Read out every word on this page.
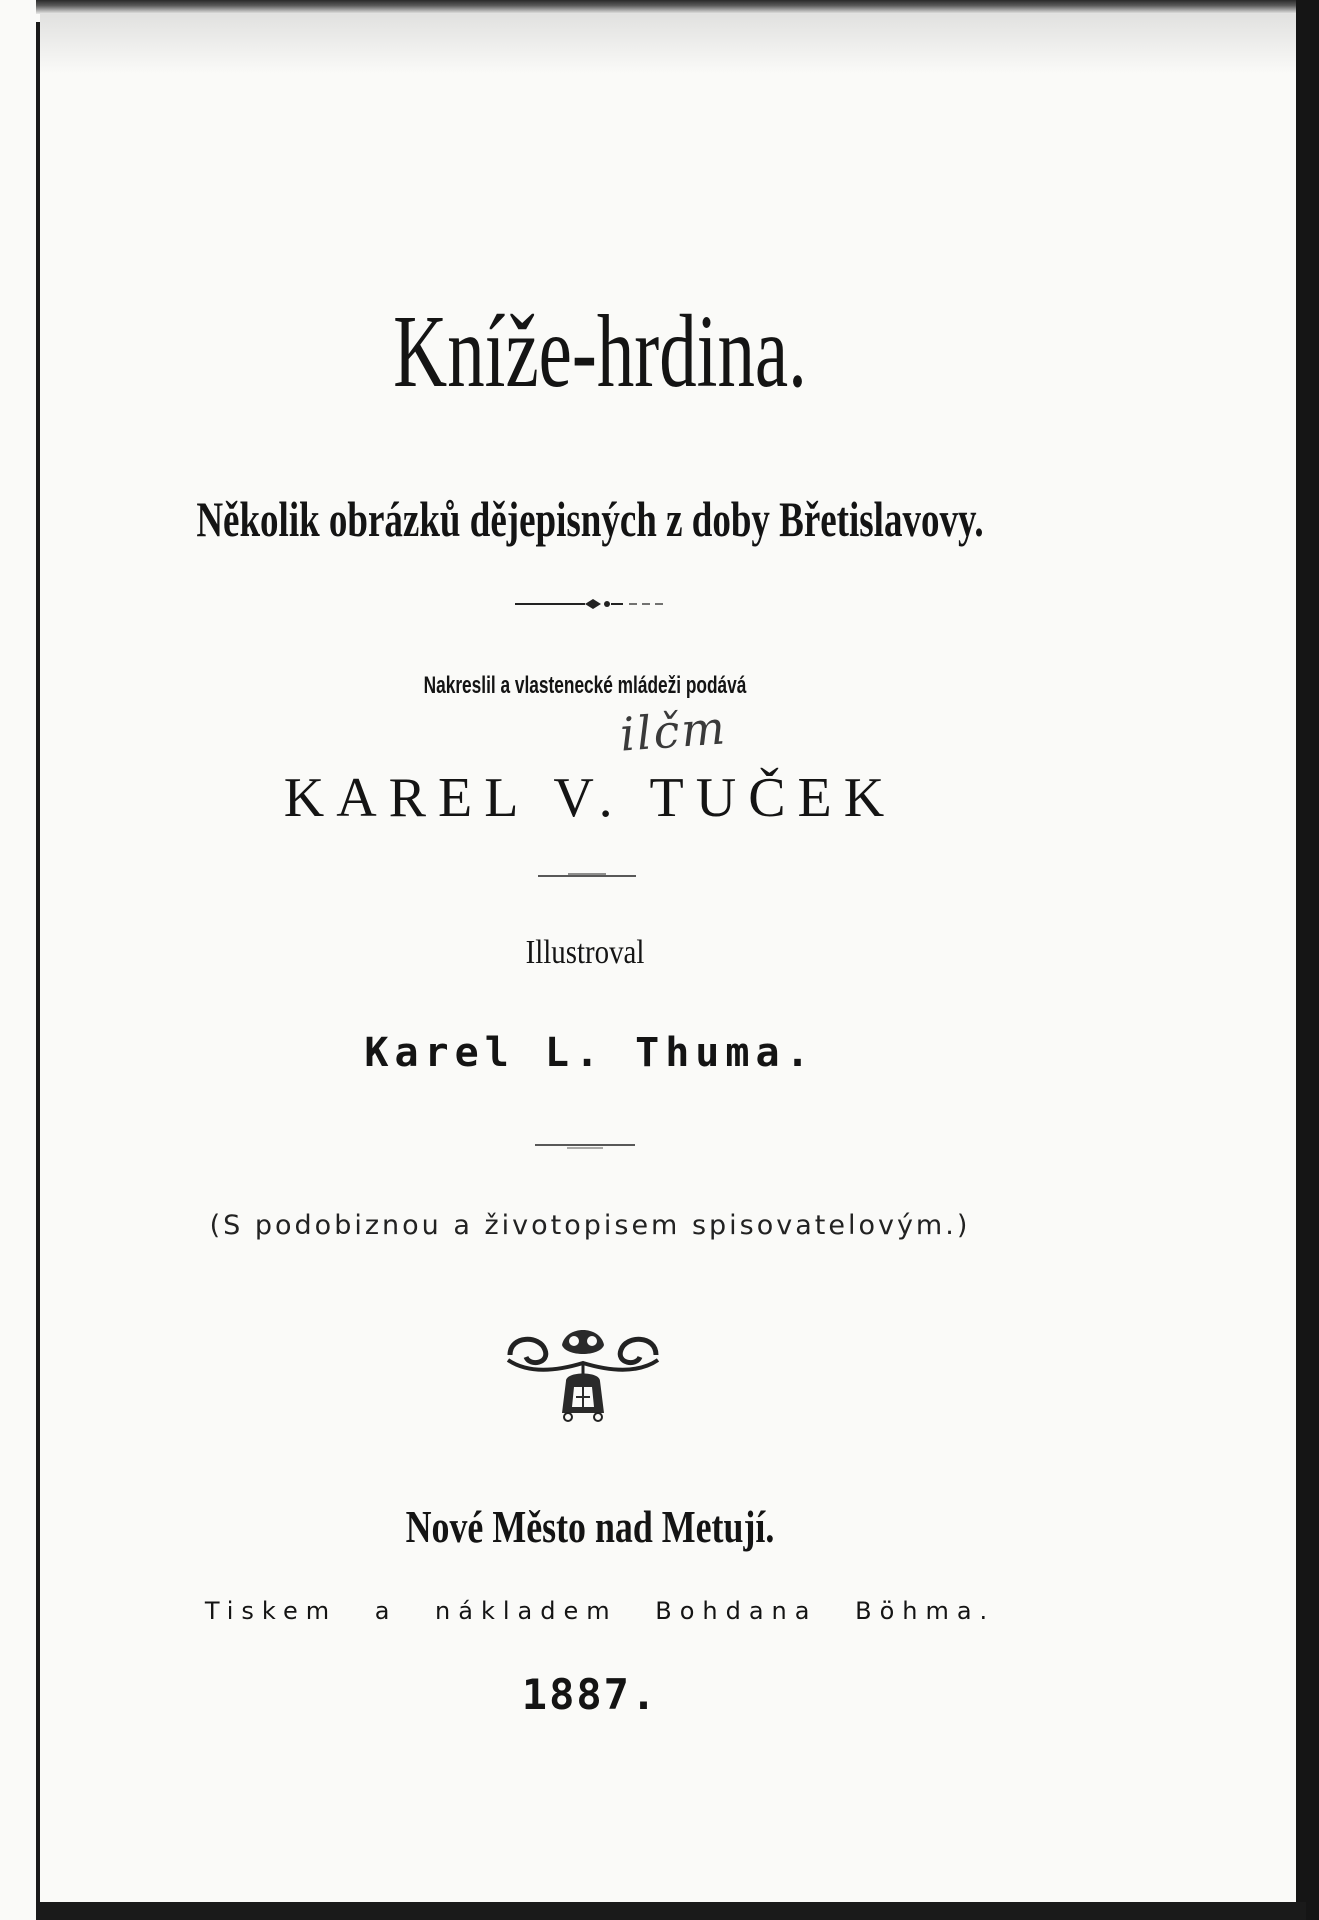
Kníže-hrdina.
Několik obrázků dějepisných z doby Břetislavovy.
Nakreslil a vlastenecké mládeži podává
ilčm
KAREL V. TUČEK
Illustroval
Karel L. Thuma.
(S podobiznou a životopisem spisovatelovým.)
Nové Město nad Metují.
Tiskem a nákladem Bohdana Böhma.
1887.
